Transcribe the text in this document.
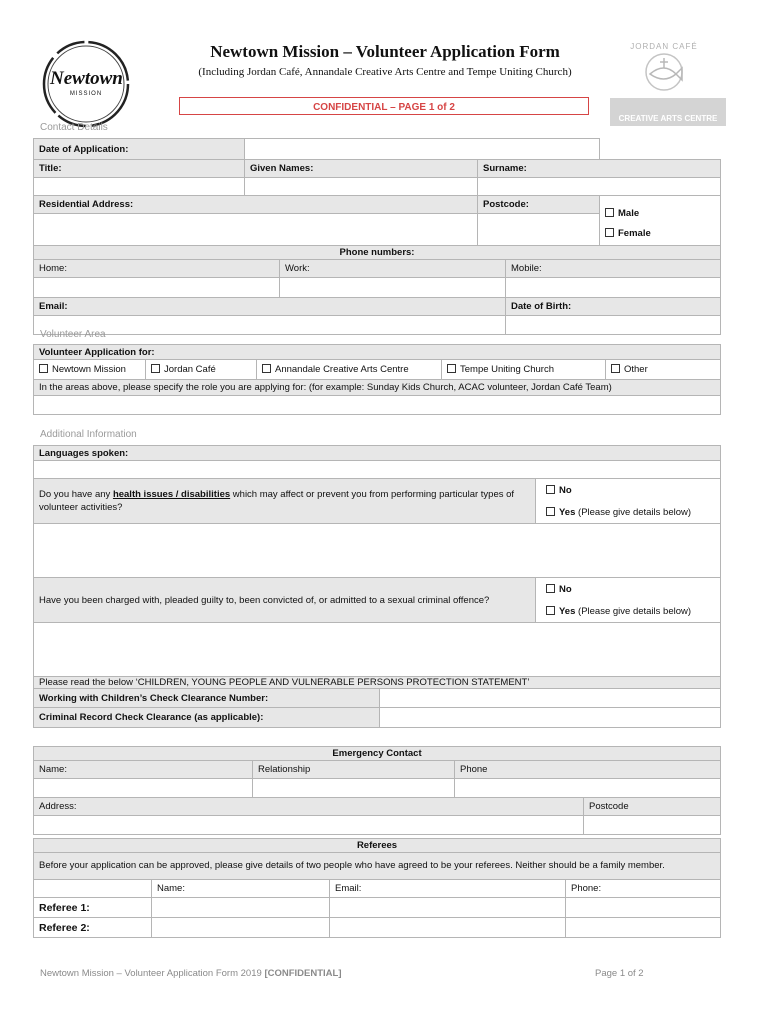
Newtown
MISSION
Newtown Mission – Volunteer Application Form
(Including Jordan Café, Annandale Creative Arts Centre and Tempe Uniting Church)
JORDAN CAFÉ
CREATIVE ARTS CENTRE
CONFIDENTIAL – PAGE 1 of 2
Contact Details
Date of Application:					
Title:	Given Names:		Surname:		

Residential Address:			Postcode:		Male
Female

Phone numbers:					
Home:		Work:		Mobile:	

Email:				Date of Birth:	

Volunteer Area
Volunteer Application for:
Newtown Mission	Jordan Café	Annandale Creative Arts Centre	Tempe Uniting Church	Other
In the areas above, please specify the role you are applying for: (for example: Sunday Kids Church, ACAC volunteer, Jordan Café Team)

Additional Information
Languages spoken:		

Do you have any health issues / disabilities which may affect or prevent you from performing particular types of volunteer activities?		No
Yes (Please give details below)

Have you been charged with, pleaded guilty to, been convicted of, or admitted to a sexual criminal offence?		No
Yes (Please give details below)

Please read the below ‘CHILDREN, YOUNG PEOPLE AND VULNERABLE PERSONS PROTECTION STATEMENT’		
Working with Children’s Check Clearance Number:		
Criminal Record Check Clearance (as applicable):		
Emergency Contact			
Name:	Relationship	Phone	

Address:			Postcode

Referees			
Before your application can be approved, please give details of two people who have agreed to be your referees. Neither should be a family member.			
	Name:	Email:	Phone:
Referee 1:			
Referee 2:			
Newtown Mission – Volunteer Application Form 2019 [CONFIDENTIAL]	Page 1 of 2
